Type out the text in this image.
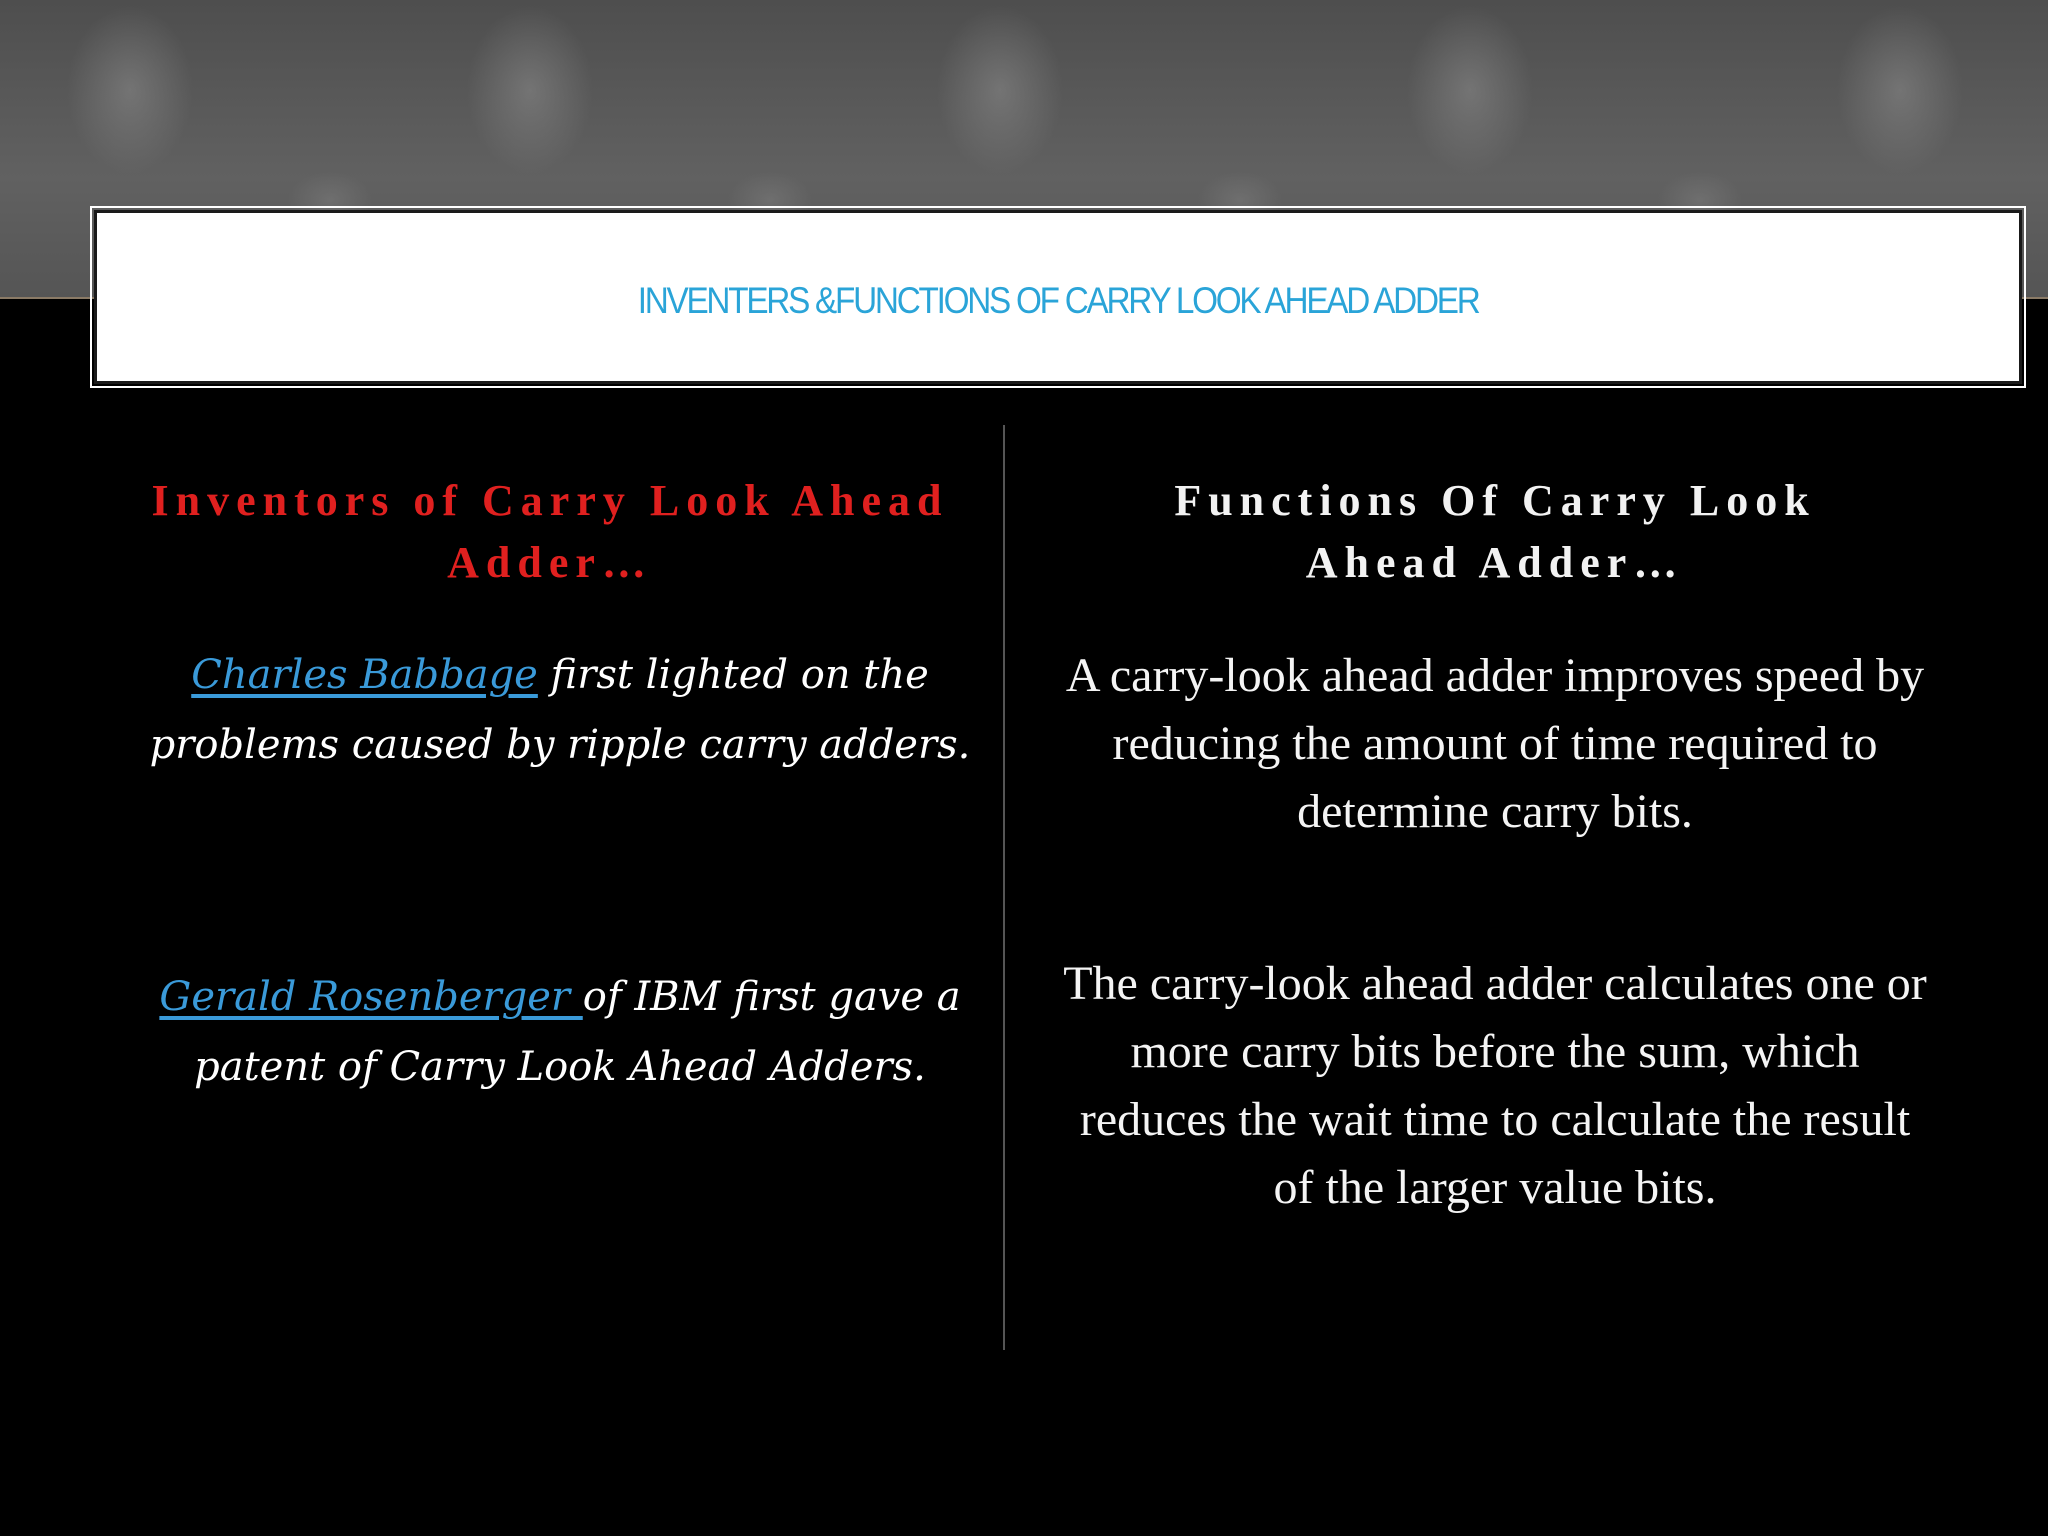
INVENTERS &FUNCTIONS OF CARRY LOOK AHEAD ADDER
Inventors of Carry Look Ahead
Adder…
Functions Of Carry Look
Ahead Adder…
Charles Babbage first lighted on the problems caused by ripple carry adders.
Gerald Rosenberger of IBM first gave a patent of Carry Look Ahead Adders.
A carry-look ahead adder improves speed by reducing the amount of time required to determine carry bits.
The carry-look ahead adder calculates one or more carry bits before the sum, which reduces the wait time to calculate the result of the larger value bits.
